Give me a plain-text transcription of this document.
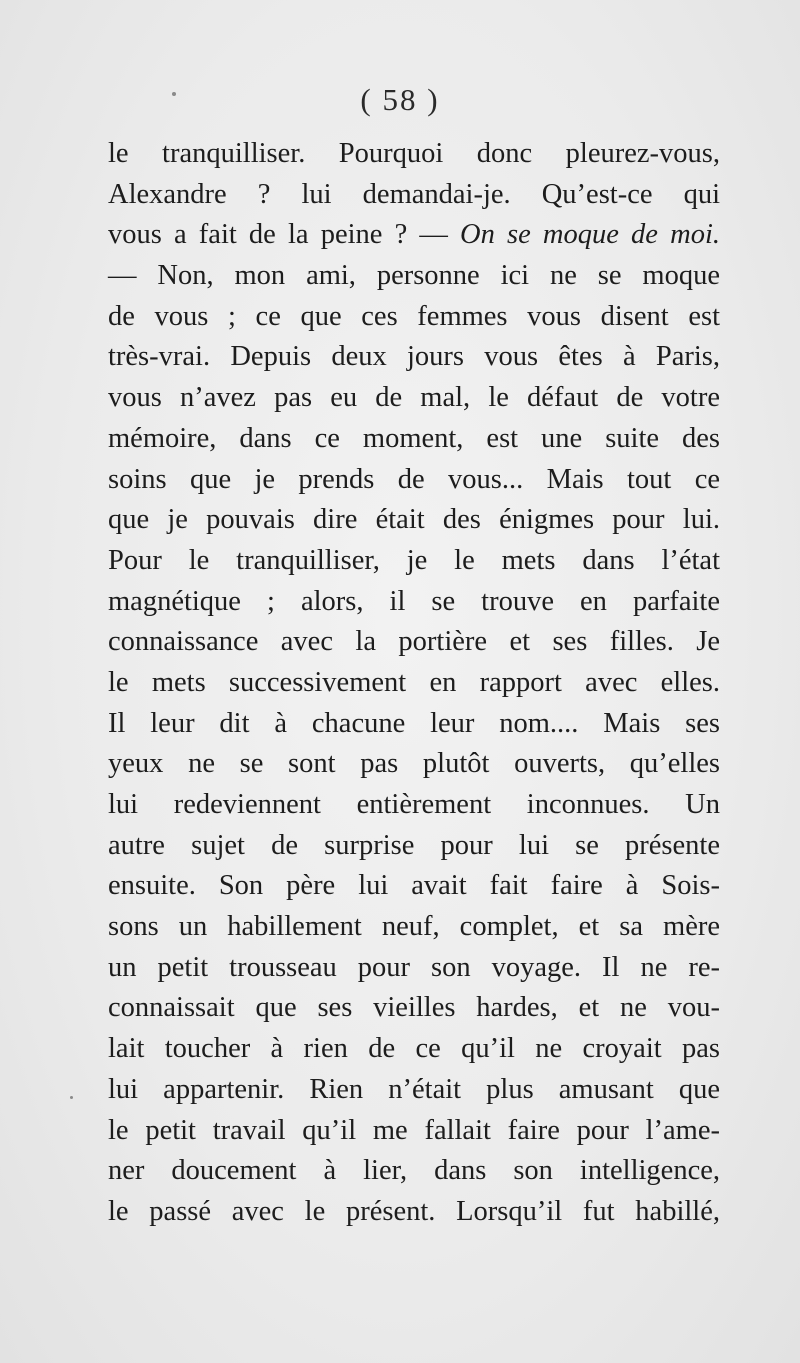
( 58 )
le tranquilliser. Pourquoi donc pleurez-vous,
Alexandre ? lui demandai-je. Qu’est-ce qui
vous a fait de la peine ? — On se moque de moi.
— Non, mon ami, personne ici ne se moque
de vous ; ce que ces femmes vous disent est
très-vrai. Depuis deux jours vous êtes à Paris,
vous n’avez pas eu de mal, le défaut de votre
mémoire, dans ce moment, est une suite des
soins que je prends de vous... Mais tout ce
que je pouvais dire était des énigmes pour lui.
Pour le tranquilliser, je le mets dans l’état
magnétique ; alors, il se trouve en parfaite
connaissance avec la portière et ses filles. Je
le mets successivement en rapport avec elles.
Il leur dit à chacune leur nom.... Mais ses
yeux ne se sont pas plutôt ouverts, qu’elles
lui redeviennent entièrement inconnues. Un
autre sujet de surprise pour lui se présente
ensuite. Son père lui avait fait faire à Sois-
sons un habillement neuf, complet, et sa mère
un petit trousseau pour son voyage. Il ne re-
connaissait que ses vieilles hardes, et ne vou-
lait toucher à rien de ce qu’il ne croyait pas
lui appartenir. Rien n’était plus amusant que
le petit travail qu’il me fallait faire pour l’ame-
ner doucement à lier, dans son intelligence,
le passé avec le présent. Lorsqu’il fut habillé,
